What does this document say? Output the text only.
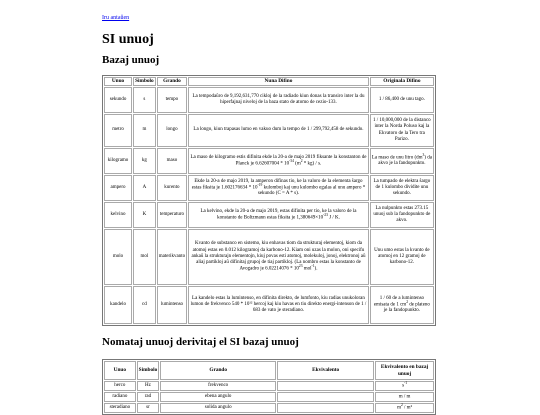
Iru antaŭen
SI unuoj
Bazaj unuoj
Unuo	Simbolo	Grando	Nuna Difino	Originala Difino
sekundo	s	tempo	La tempodaŭro de 9,192,631,770 cikloj de la radiado kiun donas la transiro inter la du hiperfajnaj niveloj de la baza stato de atomo de cezio-133.	1 / 86,400 de unu tago.
metro	m	longo	La longo, kiun trapasas lumo en vakuo dum la tempo de 1 / 299,792,458 de sekundo.	1 / 10,000,000 de la distanco inter la Norda Poluso kaj la Ekvatoro de la Tero tra Parizo.
kilogramo	kg	maso	La maso de kilogramo estis difinita ekde la 20-a de majo 2019 fiksante la konstanton de Planck je $6.62607004 * 10^{-34}$ $(m^2 * kg)$ / s.	La maso de unu litro $(dm^3)$ da akvo je la fandopunkto.
ampero	A	kurento	Ekde la 20-a de majo 2019, la amperon difinas tio, ke la valoro de la elementa ŝargo estas fiksita je $1.602176634 * 10^{-19}$ kulomboj kaj unu kulombo egalas al unu ampero * sekundo (C = A * s).	La tumpado de elektra ŝargo de 1 kulombo dividite unu sekundo.
kelvino	K	temperaturo	La kelvino, ekde la 20-a de majo 2019, estas difinita per tio, ke la valoro de la konstanto de Boltzmann estas fiksita je $1,380649\times 10^{-23}$ J / K.	La nulpunkto estas 273.15 unuoj sub la fandopunkto de akvo.
molo	mol	materikvanto	Kvanto de substanco en sistemo, kiu enhavas tiom da strukturaj elementoj, kiom da atomoj estas en 0.012 kilogramoj da karbono-12. Kiam oni uzas la molon, oni specifu ankaŭ la strukturajn elementojn, kiuj povas esti atomoj, molekuloj, jonoj, elektronoj aŭ aliaj partikloj aŭ difinitaj grupoj de tiaj partikloj. (La nombro estas la konstanto de Avogadro je $6.02214076 * 10^{23}$ mol$^{-1}$).	Unu umo estas la kvanto de atomoj en 12 gramoj de karbono-12.
kandelo	cd	lumintenso	La kandelo estas la lumintenso, en difinita direkto, de lumfonto, kiu radias unukoloran lumon de frekvenco 540 * 10¹² hercoj kaj kiu havas en tiu direkto energi-intenson de 1 / 683 de vato je steradiano.	1 / 60 de a lumintenso emisata de 1 $cm^2$ de plateno je la fandopunkto.
Nomataj unuoj derivitaj el SI bazaj unuoj
Unuo	Simbolo	Grando	Ekvivalento	Ekvivalento en bazaj unuoj
herco	Hz	frekvenco		$s^{-1}$
radiano	rad	ebena angulo		m / m
steradiano	sr	solida angulo		$m^2 / m^2$
